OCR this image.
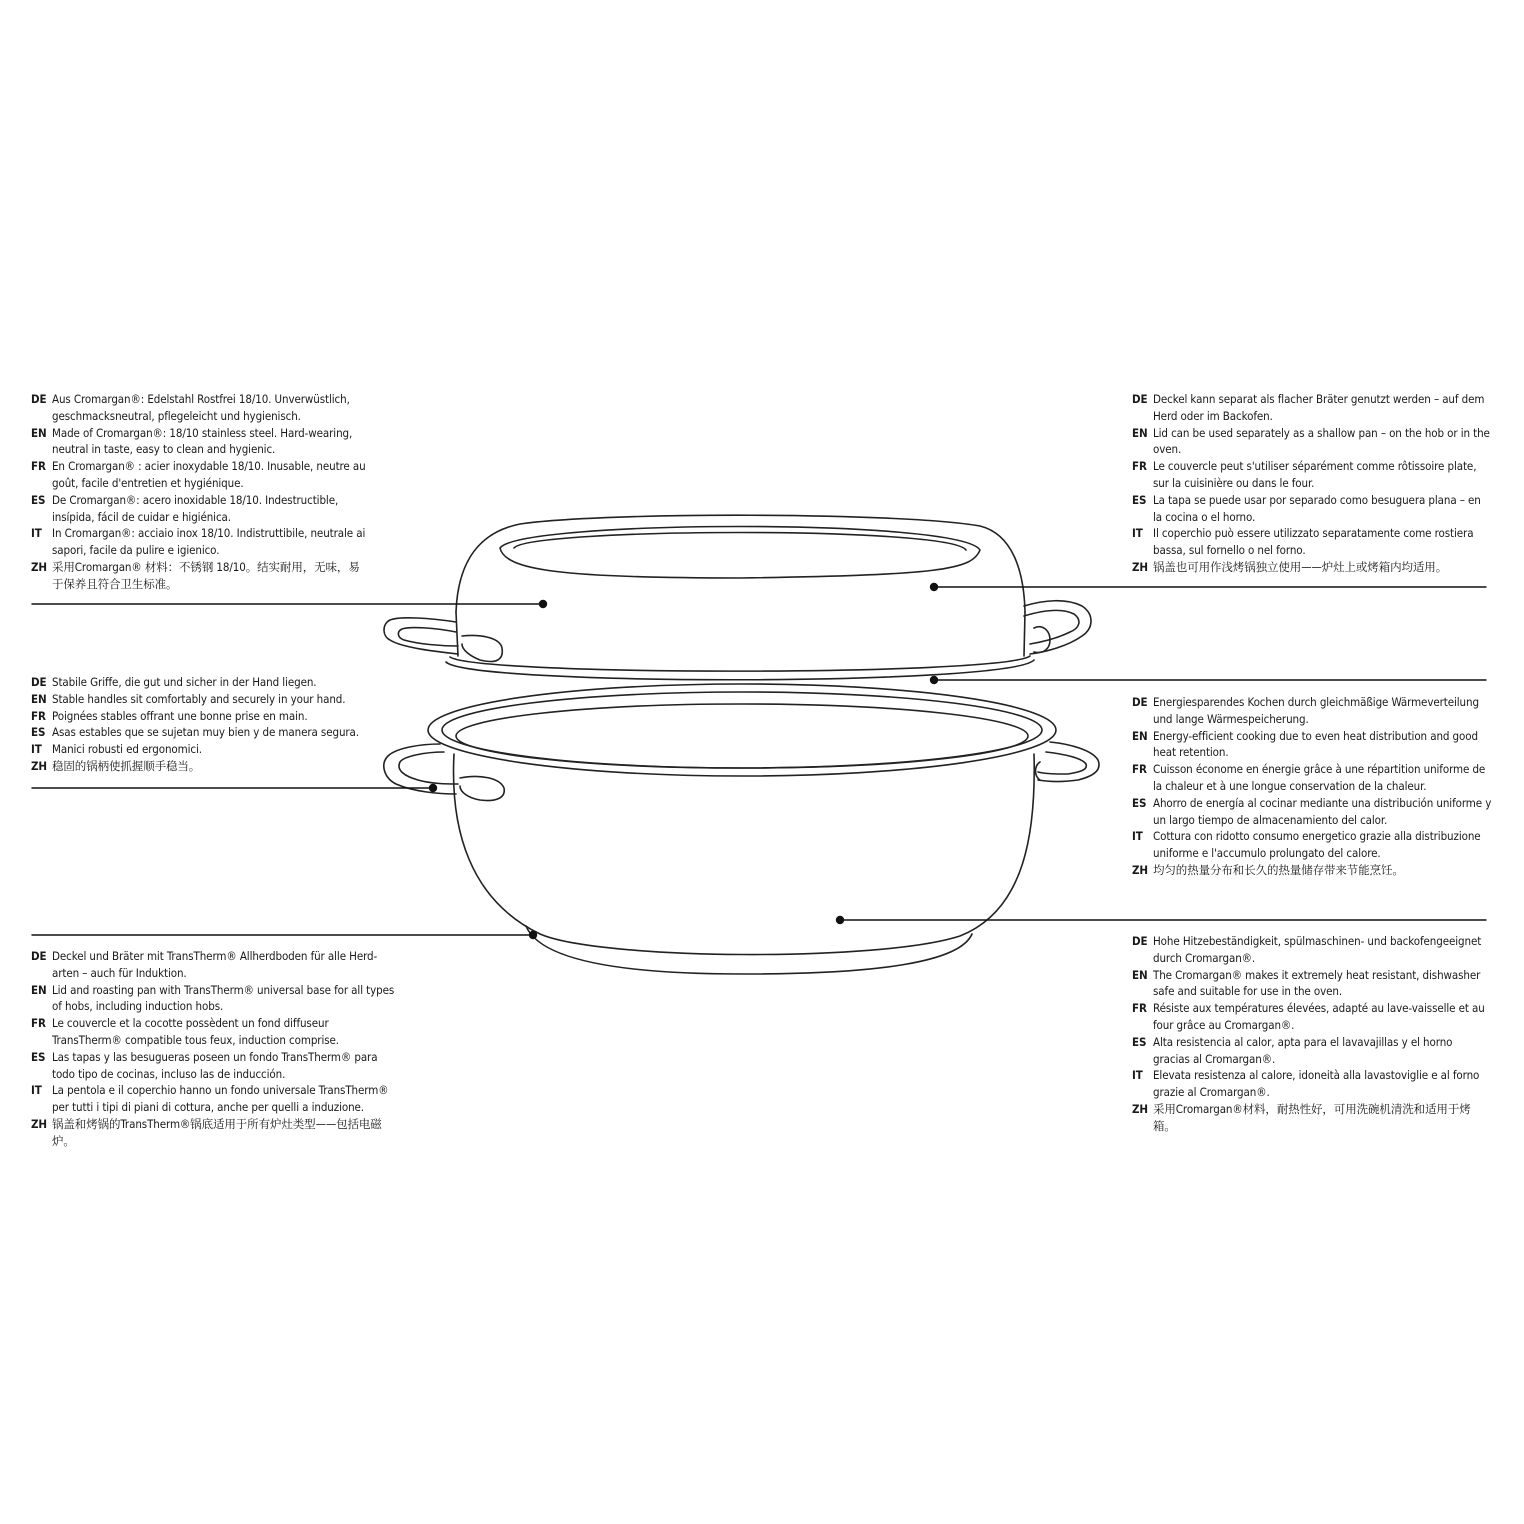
DE Aus Cromargan®: Edelstahl Rostfrei 18/10. Unverwüstlich, geschmacksneutral, pflegeleicht und hygienisch.
EN Made of Cromargan®: 18/10 stainless steel. Hard-wearing, neutral in taste, easy to clean and hygienic.
FR En Cromargan® : acier inoxydable 18/10. Inusable, neutre au goût, facile d'entretien et hygiénique.
ES De Cromargan®: acero inoxidable 18/10. Indestructible, insípida, fácil de cuidar e higiénica.
IT In Cromargan®: acciaio inox 18/10. Indistruttibile, neutrale ai sapori, facile da pulire e igienico.
ZH 采用Cromargan® 材料：不锈钢 18/10。结实耐用，无味，易于保养且符合卫生标准。
DE Stabile Griffe, die gut und sicher in der Hand liegen.
EN Stable handles sit comfortably and securely in your hand.
FR Poignées stables offrant une bonne prise en main.
ES Asas estables que se sujetan muy bien y de manera segura.
IT Manici robusti ed ergonomici.
ZH 稳固的锅柄使抓握顺手稳当。
DE Deckel und Bräter mit TransTherm® Allherdboden für alle Herd-arten – auch für Induktion.
EN Lid and roasting pan with TransTherm® universal base for all types of hobs, including induction hobs.
FR Le couvercle et la cocotte possèdent un fond diffuseur TransTherm® compatible tous feux, induction comprise.
ES Las tapas y las besugueras poseen un fondo TransTherm® para todo tipo de cocinas, incluso las de inducción.
IT La pentola e il coperchio hanno un fondo universale TransTherm® per tutti i tipi di piani di cottura, anche per quelli a induzione.
ZH 锅盖和烤锅的TransTherm®锅底适用于所有炉灶类型——包括电磁炉。
DE Deckel kann separat als flacher Bräter genutzt werden – auf dem Herd oder im Backofen.
EN Lid can be used separately as a shallow pan – on the hob or in the oven.
FR Le couvercle peut s'utiliser séparément comme rôtissoire plate, sur la cuisinière ou dans le four.
ES La tapa se puede usar por separado como besuguera plana – en la cocina o el horno.
IT Il coperchio può essere utilizzato separatamente come rostiera bassa, sul fornello o nel forno.
ZH 锅盖也可用作浅烤锅独立使用——炉灶上或烤箱内均适用。
DE Energiesparendes Kochen durch gleichmäßige Wärmeverteilung und lange Wärmespeicherung.
EN Energy-efficient cooking due to even heat distribution and good heat retention.
FR Cuisson économe en énergie grâce à une répartition uniforme de la chaleur et à une longue conservation de la chaleur.
ES Ahorro de energía al cocinar mediante una distribución uniforme y un largo tiempo de almacenamiento del calor.
IT Cottura con ridotto consumo energetico grazie alla distribuzione uniforme e l'accumulo prolungato del calore.
ZH 均匀的热量分布和长久的热量储存带来节能烹饪。
DE Hohe Hitzebeständigkeit, spülmaschinen- und backofengeeignet durch Cromargan®.
EN The Cromargan® makes it extremely heat resistant, dishwasher safe and suitable for use in the oven.
FR Résiste aux températures élevées, adapté au lave-vaisselle et au four grâce au Cromargan®.
ES Alta resistencia al calor, apta para el lavavajillas y el horno gracias al Cromargan®.
IT Elevata resistenza al calore, idoneità alla lavastoviglie e al forno grazie al Cromargan®.
ZH 采用Cromargan®材料，耐热性好，可用洗碗机清洗和适用于烤箱。
